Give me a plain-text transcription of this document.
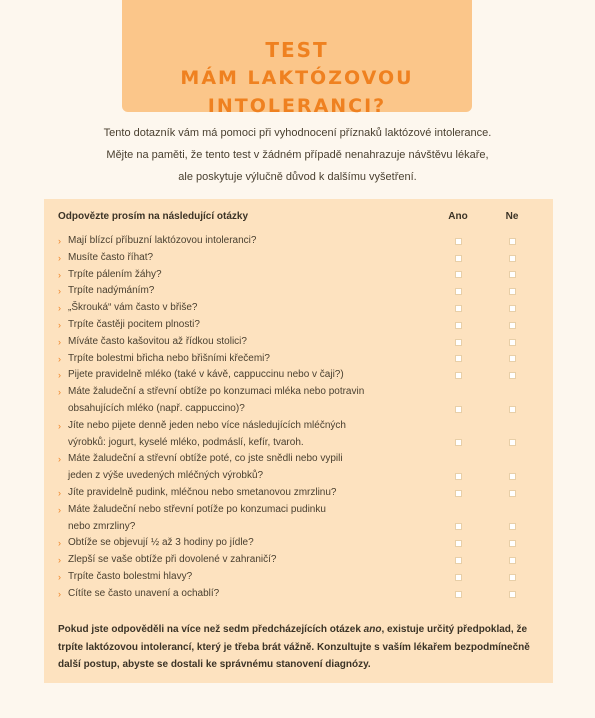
TEST
MÁM LAKTÓZOVOU INTOLERANCI?
Tento dotazník vám má pomoci při vyhodnocení příznaků laktózové intolerance.
Mějte na paměti, že tento test v žádném případě nenahrazuje návštěvu lékaře,
ale poskytuje výlučně důvod k dalšímu vyšetření.
Odpovězte prosím na následující otázky	Ano	Ne
› Mají blízcí příbuzní laktózovou intoleranci?
› Musíte často říhat?
› Trpíte pálením žáhy?
› Trpíte nadýmáním?
› „Škrouká“ vám často v břiše?
› Trpíte častěji pocitem plnosti?
› Míváte často kašovitou až řídkou stolici?
› Trpíte bolestmi břicha nebo břišními křečemi?
› Pijete pravidelně mléko (také v kávě, cappuccinu nebo v čaji?)
› Máte žaludeční a střevní obtíže po konzumaci mléka nebo potravin
obsahujících mléko (např. cappuccino)?
› Jíte nebo pijete denně jeden nebo více následujících mléčných
výrobků: jogurt, kyselé mléko, podmáslí, kefír, tvaroh.
› Máte žaludeční a střevní obtíže poté, co jste snědli nebo vypili
jeden z výše uvedených mléčných výrobků?
› Jíte pravidelně pudink, mléčnou nebo smetanovou zmrzlinu?
› Máte žaludeční nebo střevní potíže po konzumaci pudinku
nebo zmrzliny?
› Obtíže se objevují ½ až 3 hodiny po jídle?
› Zlepší se vaše obtíže při dovolené v zahraničí?
› Trpíte často bolestmi hlavy?
› Cítíte se často unavení a ochablí?
Pokud jste odpověděli na více než sedm předcházejících otázek ano, existuje určitý předpoklad, že trpíte laktózovou intolerancí, který je třeba brát vážně. Konzultujte s vaším lékařem bezpodmínečně další postup, abyste se dostali ke správnému stanovení diagnózy.
